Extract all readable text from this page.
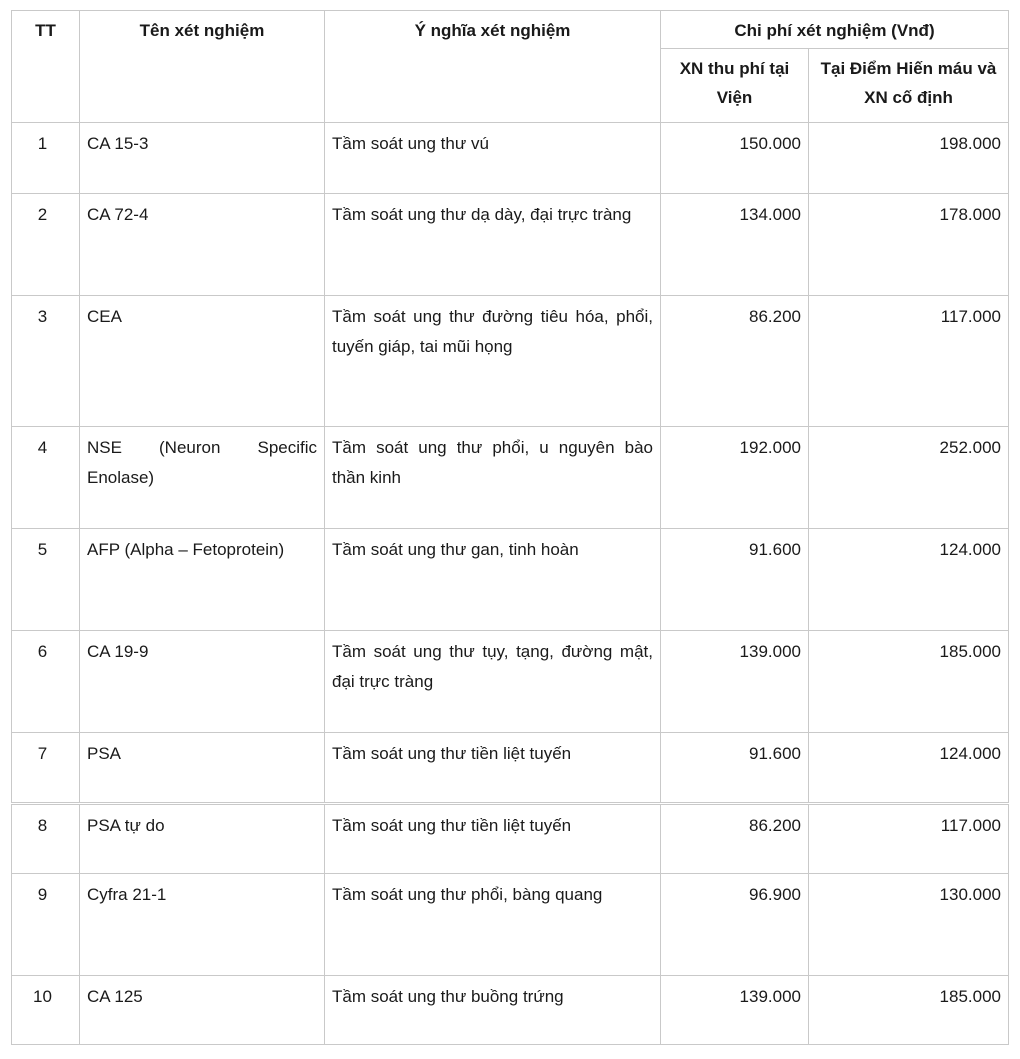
TT	Tên xét nghiệm	Ý nghĩa xét nghiệm	Chi phí xét nghiệm (Vnđ)	
			XN thu phí tại Viện	Tại Điểm Hiến máu và XN cố định
1	CA 15-3	Tầm soát ung thư vú	150.000	198.000
2	CA 72-4	Tầm soát ung thư dạ dày, đại trực tràng	134.000	178.000
3	CEA	Tầm soát ung thư đường tiêu hóa, phổi, tuyến giáp, tai mũi họng	86.200	117.000
4	NSE (Neuron Specific Enolase)	Tầm soát ung thư phổi, u nguyên bào thần kinh	192.000	252.000
5	AFP (Alpha – Fetoprotein)	Tầm soát ung thư gan, tinh hoàn	91.600	124.000
6	CA 19-9	Tầm soát ung thư tụy, tạng, đường mật, đại trực tràng	139.000	185.000
7	PSA	Tầm soát ung thư tiền liệt tuyến	91.600	124.000
8	PSA tự do	Tầm soát ung thư tiền liệt tuyến	86.200	117.000
9	Cyfra 21-1	Tầm soát ung thư phổi, bàng quang	96.900	130.000
10	CA 125	Tầm soát ung thư buồng trứng	139.000	185.000
